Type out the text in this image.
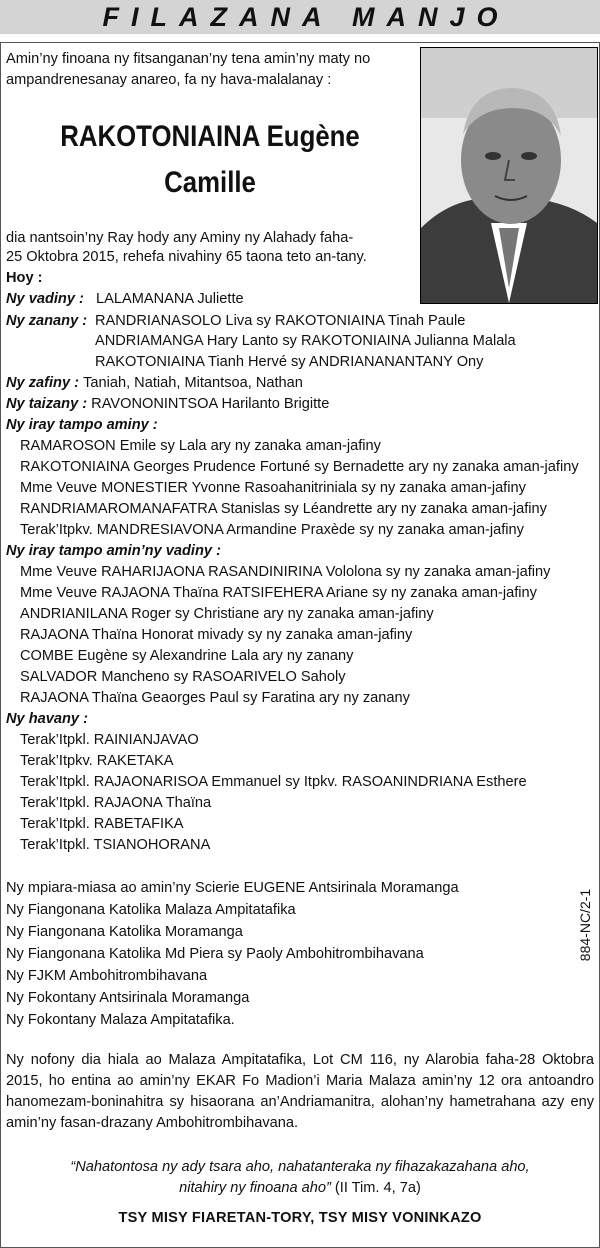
FILAZANA MANJO
Amin’ny finoana ny fitsanganan’ny tena amin’ny maty no ampandrenesanay anareo, fa ny hava-malalanay :
RAKOTONIAINA Eugène
Camille
dia nantsoin’ny Ray hody any Aminy ny Alahady faha-
25 Oktobra 2015, rehefa nivahiny 65 taona teto an-tany.
Hoy :
Ny vadiny : LALAMANANA Juliette
Ny zanany : RANDRIANASOLO Liva sy RAKOTONIAINA Tinah Paule
ANDRIAMANGA Hary Lanto sy RAKOTONIAINA Julianna Malala
RAKOTONIAINA Tianh Hervé sy ANDRIANANANTANY Ony
Ny zafiny : Taniah, Natiah, Mitantsoa, Nathan
Ny taizany : RAVONONINTSOA Harilanto Brigitte
Ny iray tampo aminy :
RAMAROSON Emile sy Lala ary ny zanaka aman-jafiny
RAKOTONIAINA Georges Prudence Fortuné sy Bernadette ary ny zanaka aman-jafiny
Mme Veuve MONESTIER Yvonne Rasoahanitriniala sy ny zanaka aman-jafiny
RANDRIAMAROMANAFATRA Stanislas sy Léandrette ary ny zanaka aman-jafiny
Terak’Itpkv. MANDRESIAVONA Armandine Praxède sy ny zanaka aman-jafiny
Ny iray tampo amin’ny vadiny :
Mme Veuve RAHARIJAONA RASANDINIRINA Vololona sy ny zanaka aman-jafiny
Mme Veuve RAJAONA Thaïna RATSIFEHERA Ariane sy ny zanaka aman-jafiny
ANDRIANILANA Roger sy Christiane ary ny zanaka aman-jafiny
RAJAONA Thaïna Honorat mivady sy ny zanaka aman-jafiny
COMBE Eugène sy Alexandrine Lala ary ny zanany
SALVADOR Mancheno sy RASOARIVELO Saholy
RAJAONA Thaïna Geaorges Paul sy Faratina ary ny zanany
Ny havany :
Terak’Itpkl. RAINIANJAVAO
Terak’Itpkv. RAKETAKA
Terak’Itpkl. RAJAONARISOA Emmanuel sy Itpkv. RASOANINDRIANA Esthere
Terak’Itpkl. RAJAONA Thaïna
Terak’Itpkl. RABETAFIKA
Terak’Itpkl. TSIANOHORANA
Ny mpiara-miasa ao amin’ny Scierie EUGENE Antsirinala Moramanga
Ny Fiangonana Katolika Malaza Ampitatafika
Ny Fiangonana Katolika Moramanga
Ny Fiangonana Katolika Md Piera sy Paoly Ambohitrombihavana
Ny FJKM Ambohitrombihavana
Ny Fokontany Antsirinala Moramanga
Ny Fokontany Malaza Ampitatafika.
884-NC/2-1
Ny nofony dia hiala ao Malaza Ampitatafika, Lot CM 116, ny Alarobia faha-28 Oktobra 2015, ho entina ao amin’ny EKAR Fo Madion’i Maria Malaza amin’ny 12 ora antoandro hanomezam-boninahitra sy hisaorana an’Andriamanitra, alohan’ny hametrahana azy eny amin’ny fasan-drazany Ambohitrombihavana.
“Nahatontosa ny ady tsara aho, nahatanteraka ny fihazakazahana aho,
nitahiry ny finoana aho” (II Tim. 4, 7a)
TSY MISY FIARETAN-TORY, TSY MISY VONINKAZO
